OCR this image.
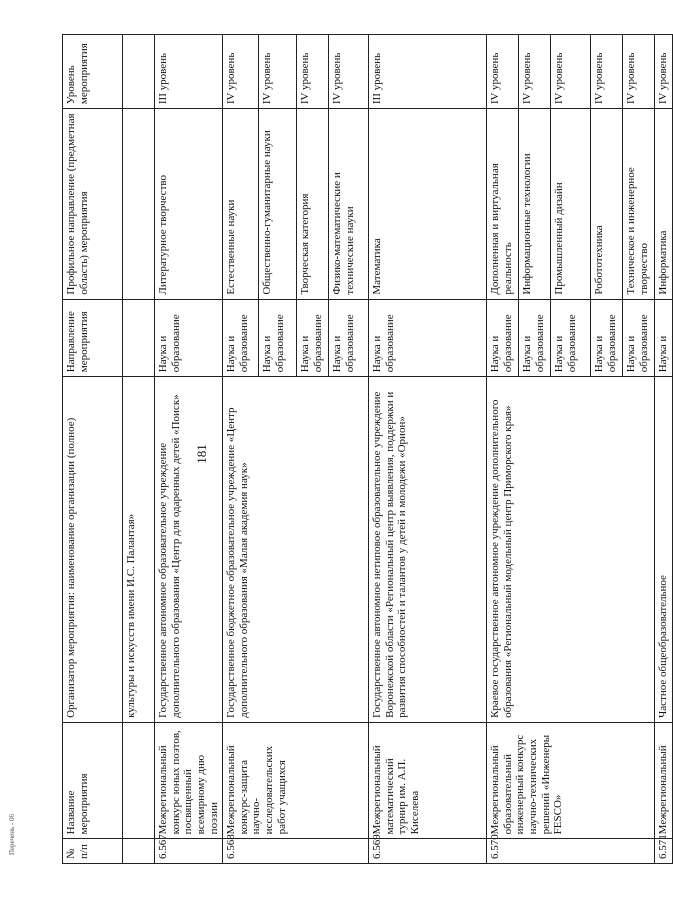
181
Перечень - 06	№ п/п	Название мероприятия	Организатор мероприятия: наименование организации (полное)	Направление мероприятия	Профильное направление (предметная область) мероприятия	Уровень мероприятия
		культуры и искусств имени И.С. Палантая»			
6.567	Межрегиональный конкурс юных поэтов, посвященный всемирному дню поэзии	Государственное автономное образовательное учреждение дополнительного образования «Центр для одаренных детей «Поиск»	Наука и образование	Литературное творчество	III уровень
6.568	Межрегиональный конкурс-защита научно-исследовательских работ учащихся	Государственное бюджетное образовательное учреждение «Центр дополнительного образования «Малая академия наук»	Наука и образование	Естественные науки	IV уровень
			Наука и образование	Общественно-гуманитарные науки	IV уровень
			Наука и образование	Творческая категория	IV уровень
			Наука и образование	Физико-математические и технические науки	IV уровень
6.569	Межрегиональный математический турнир им. А.П. Киселева	Государственное автономное нетиповое образовательное учреждение Воронежской области «Региональный центр выявления, поддержки и развития способностей и талантов у детей и молодежи «Орион»	Наука и образование	Математика	III уровень
6.570	Межрегиональный образовательный инженерный конкурс научно-технических решений «Инженеры FESCO»	Краевое государственное автономное учреждение дополнительного образования «Региональный модельный центр Приморского края»	Наука и образование	Дополненная и виртуальная реальность	IV уровень
			Наука и образование	Информационные технологии	IV уровень
			Наука и образование	Промышленный дизайн	IV уровень
			Наука и образование	Робототехника	IV уровень
			Наука и образование	Техническое и инженерное творчество	IV уровень
6.571	Межрегиональный	Частное общеобразовательное	Наука и	Информатика	IV уровень
